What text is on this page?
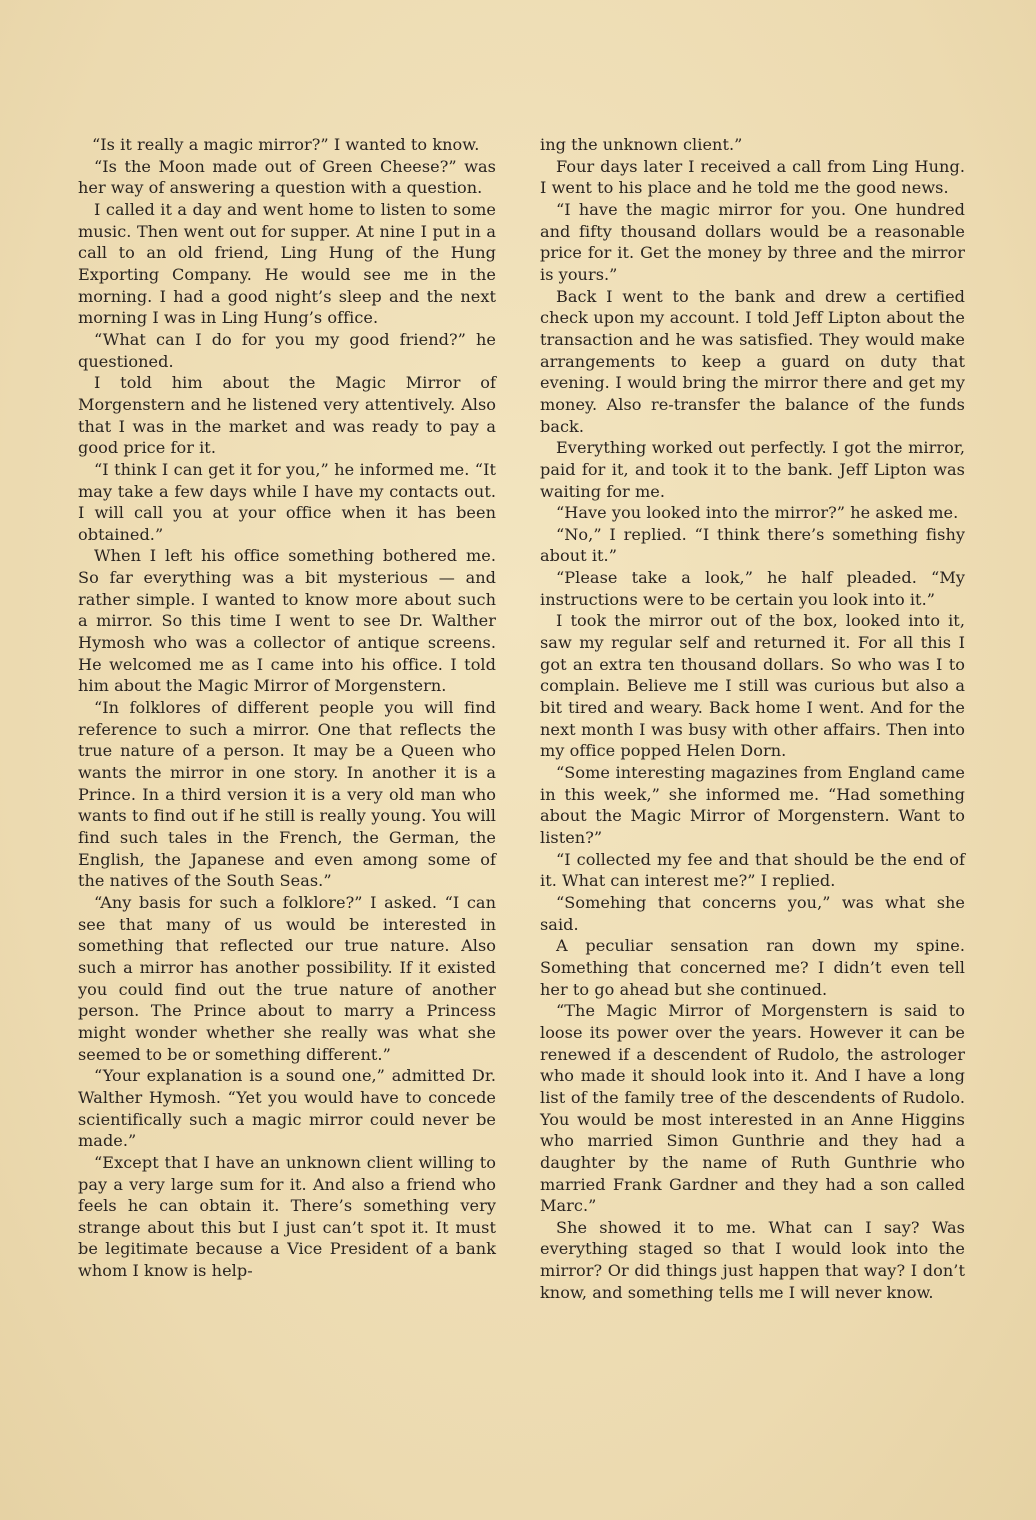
“Is it really a magic mirror?” I wanted to know.

“Is the Moon made out of Green Cheese?” was her way of answering a question with a question.

I called it a day and went home to listen to some music. Then went out for supper. At nine I put in a call to an old friend, Ling Hung of the Hung Exporting Company. He would see me in the morning. I had a good night’s sleep and the next morning I was in Ling Hung’s office.

“What can I do for you my good friend?” he questioned.

I told him about the Magic Mirror of Morgenstern and he listened very attentively. Also that I was in the market and was ready to pay a good price for it.

“I think I can get it for you,” he informed me. “It may take a few days while I have my contacts out. I will call you at your office when it has been obtained.”

When I left his office something bothered me. So far everything was a bit mysterious — and rather simple. I wanted to know more about such a mirror. So this time I went to see Dr. Walther Hymosh who was a collector of antique screens. He welcomed me as I came into his office. I told him about the Magic Mirror of Morgenstern.

“In folklores of different people you will find reference to such a mirror. One that reflects the true nature of a person. It may be a Queen who wants the mirror in one story. In another it is a Prince. In a third version it is a very old man who wants to find out if he still is really young. You will find such tales in the French, the German, the English, the Japanese and even among some of the natives of the South Seas.”

“Any basis for such a folklore?” I asked. “I can see that many of us would be interested in something that reflected our true nature. Also such a mirror has another possibility. If it existed you could find out the true nature of another person. The Prince about to marry a Princess might wonder whether she really was what she seemed to be or something different.”

“Your explanation is a sound one,” admitted Dr. Walther Hymosh. “Yet you would have to concede scientifically such a magic mirror could never be made.”

“Except that I have an unknown client willing to pay a very large sum for it. And also a friend who feels he can obtain it. There’s something very strange about this but I just can’t spot it. It must be legitimate because a Vice President of a bank whom I know is help-

ing the unknown client.”

Four days later I received a call from Ling Hung. I went to his place and he told me the good news.

“I have the magic mirror for you. One hundred and fifty thousand dollars would be a reasonable price for it. Get the money by three and the mirror is yours.”

Back I went to the bank and drew a certified check upon my account. I told Jeff Lipton about the transaction and he was satisfied. They would make arrangements to keep a guard on duty that evening. I would bring the mirror there and get my money. Also re-transfer the balance of the funds back.

Everything worked out perfectly. I got the mirror, paid for it, and took it to the bank. Jeff Lipton was waiting for me.

“Have you looked into the mirror?” he asked me.

“No,” I replied. “I think there’s something fishy about it.”

“Please take a look,” he half pleaded. “My instructions were to be certain you look into it.”

I took the mirror out of the box, looked into it, saw my regular self and returned it. For all this I got an extra ten thousand dollars. So who was I to complain. Believe me I still was curious but also a bit tired and weary. Back home I went. And for the next month I was busy with other affairs. Then into my office popped Helen Dorn.

“Some interesting magazines from England came in this week,” she informed me. “Had something about the Magic Mirror of Morgenstern. Want to listen?”

“I collected my fee and that should be the end of it. What can interest me?” I replied.

“Somehing that concerns you,” was what she said.

A peculiar sensation ran down my spine. Something that concerned me? I didn’t even tell her to go ahead but she continued.

“The Magic Mirror of Morgenstern is said to loose its power over the years. However it can be renewed if a descendent of Rudolo, the astrologer who made it should look into it. And I have a long list of the family tree of the descendents of Rudolo. You would be most interested in an Anne Higgins who married Simon Gunthrie and they had a daughter by the name of Ruth Gunthrie who married Frank Gardner and they had a son called Marc.”

She showed it to me. What can I say? Was everything staged so that I would look into the mirror? Or did things just happen that way? I don’t know, and something tells me I will never know.
